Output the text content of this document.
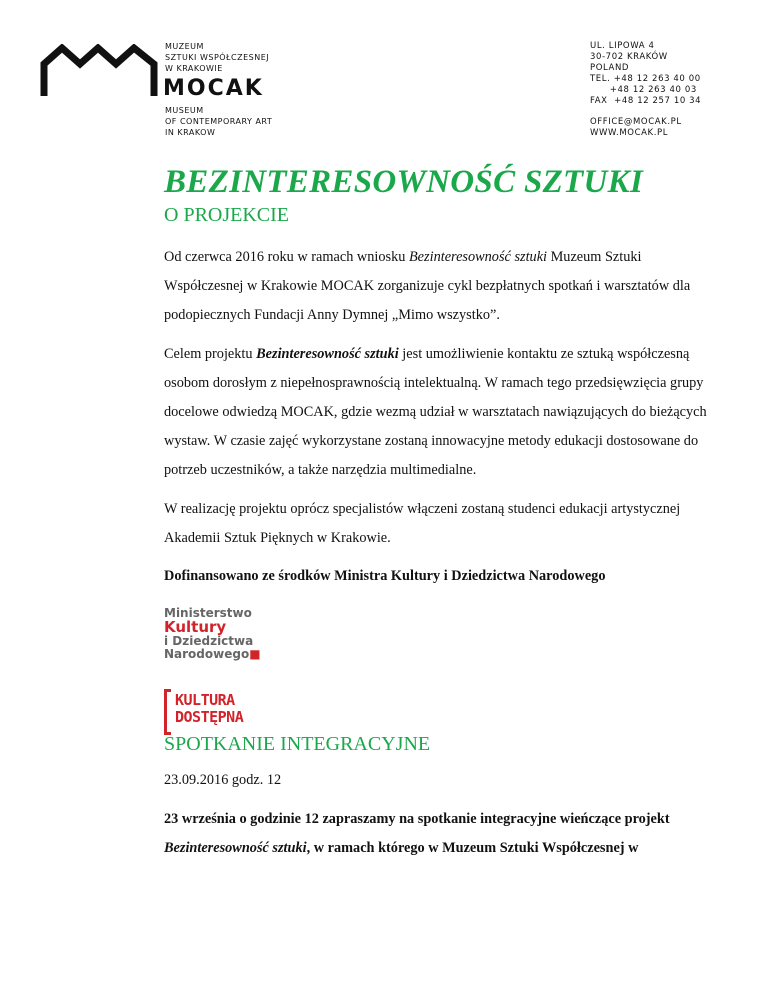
MUZEUM
SZTUKI WSPÓŁCZESNEJ
W KRAKOWIE
MOCAK
MUSEUM
OF CONTEMPORARY ART
IN KRAKOW
UL. LIPOWA 4
30-702 KRAKÓW
POLAND
TEL. +48 12 263 40 00
+48 12 263 40 03
FAX  +48 12 257 10 34
OFFICE@MOCAK.PL
WWW.MOCAK.PL
BEZINTERESOWNOŚĆ SZTUKI
O PROJEKCIE

Od czerwca 2016 roku w ramach wniosku Bezinteresowność sztuki Muzeum Sztuki Współczesnej w Krakowie MOCAK zorganizuje cykl bezpłatnych spotkań i warsztatów dla podopiecznych Fundacji Anny Dymnej „Mimo wszystko”.

Celem projektu Bezinteresowność sztuki jest umożliwienie kontaktu ze sztuką współczesną osobom dorosłym z niepełnosprawnością intelektualną. W ramach tego przedsięwzięcia grupy docelowe odwiedzą MOCAK, gdzie wezmą udział w warsztatach nawiązujących do bieżących wystaw. W czasie zajęć wykorzystane zostaną innowacyjne metody edukacji dostosowane do potrzeb uczestników, a także narzędzia multimedialne.

W realizację projektu oprócz specjalistów włączeni zostaną studenci edukacji artystycznej Akademii Sztuk Pięknych w Krakowie.

Dofinansowano ze środków Ministra Kultury i Dziedzictwa Narodowego

Ministerstwo
Kultury
i Dziedzictwa
Narodowego■
KULTURA
DOSTĘPNA
SPOTKANIE INTEGRACYJNE

23.09.2016 godz. 12

23 września o godzinie 12 zapraszamy na spotkanie integracyjne wieńczące projekt Bezinteresowność sztuki, w ramach którego w Muzeum Sztuki Współczesnej w
